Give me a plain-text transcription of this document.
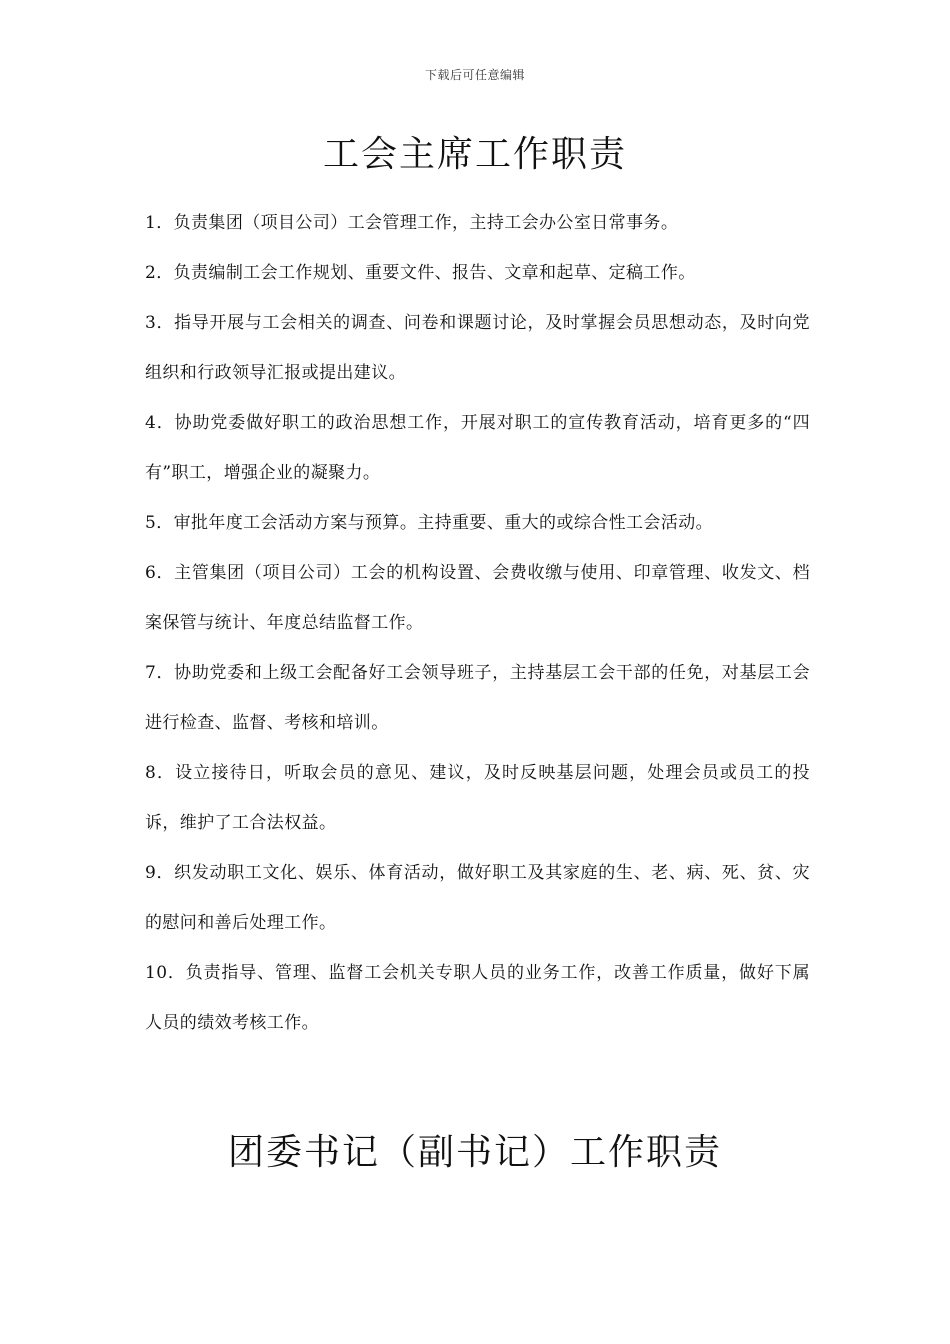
下载后可任意编辑
工会主席工作职责

1．负责集团（项目公司）工会管理工作，主持工会办公室日常事务。

2．负责编制工会工作规划、重要文件、报告、文章和起草、定稿工作。

3．指导开展与工会相关的调查、问卷和课题讨论，及时掌握会员思想动态，及时向党组织和行政领导汇报或提出建议。

4．协助党委做好职工的政治思想工作，开展对职工的宣传教育活动，培育更多的“四有”职工，增强企业的凝聚力。

5．审批年度工会活动方案与预算。主持重要、重大的或综合性工会活动。

6．主管集团（项目公司）工会的机构设置、会费收缴与使用、印章管理、收发文、档案保管与统计、年度总结监督工作。

7．协助党委和上级工会配备好工会领导班子，主持基层工会干部的任免，对基层工会进行检查、监督、考核和培训。

8．设立接待日，听取会员的意见、建议，及时反映基层问题，处理会员或员工的投诉，维护了工合法权益。

9．织发动职工文化、娱乐、体育活动，做好职工及其家庭的生、老、病、死、贫、灾的慰问和善后处理工作。

10．负责指导、管理、监督工会机关专职人员的业务工作，改善工作质量，做好下属人员的绩效考核工作。

团委书记（副书记）工作职责
